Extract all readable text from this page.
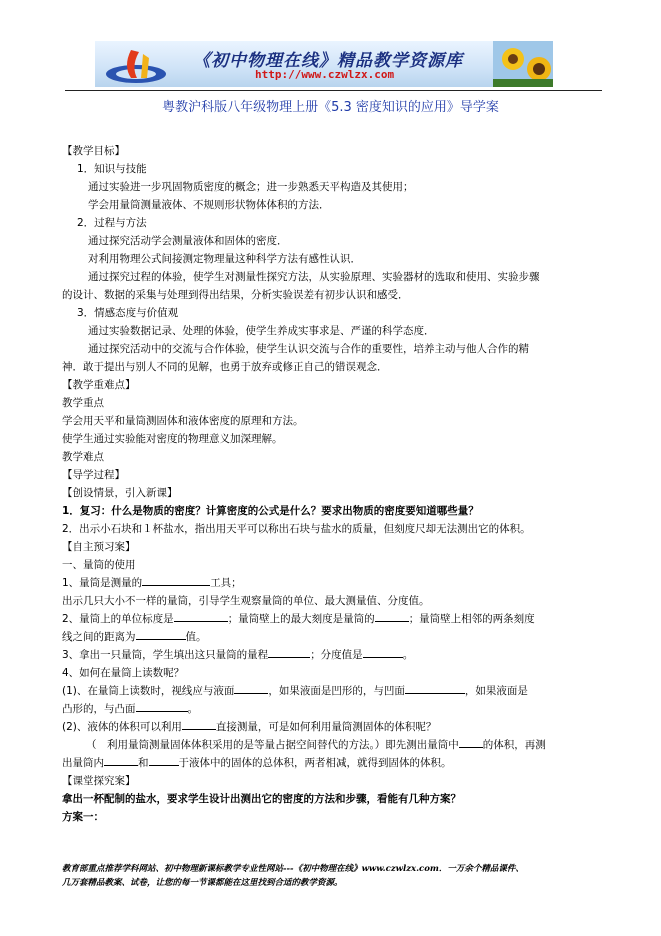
《初中物理在线》精品教学资源库
http://www.czwlzx.com
粤教沪科版八年级物理上册《5.3 密度知识的应用》导学案
【教学目标】
1．知识与技能
通过实验进一步巩固物质密度的概念；进一步熟悉天平构造及其使用；
学会用量筒测量液体、不规则形状物体体积的方法．
2．过程与方法
通过探究活动学会测量液体和固体的密度．
对利用物理公式间接测定物理量这种科学方法有感性认识．
通过探究过程的体验，使学生对测量性探究方法，从实验原理、实验器材的选取和使用、实验步骤
的设计、数据的采集与处理到得出结果，分析实验误差有初步认识和感受．
3．情感态度与价值观
通过实验数据记录、处理的体验，使学生养成实事求是、严谨的科学态度．
通过探究活动中的交流与合作体验，使学生认识交流与合作的重要性，培养主动与他人合作的精
神．敢于提出与别人不同的见解，也勇于放弃或修正自己的错误观念．
【教学重难点】
教学重点
学会用天平和量筒测固体和液体密度的原理和方法。
使学生通过实验能对密度的物理意义加深理解。
教学难点
【导学过程】
【创设情景，引入新课】
1．复习：什么是物质的密度？计算密度的公式是什么？要求出物质的密度要知道哪些量？
2．出示小石块和１杯盐水，指出用天平可以称出石块与盐水的质量，但刻度尺却无法测出它的体积。
【自主预习案】
一、量筒的使用
1、量筒是测量的	工具；
出示几只大小不一样的量筒，引导学生观察量筒的单位、最大测量值、分度值。
2、量筒上的单位标度是	；量筒壁上的最大刻度是量筒的	；量筒壁上相邻的两条刻度
线之间的距离为	值。
3、拿出一只量筒，学生填出这只量筒的量程	；分度值是	。
4、如何在量筒上读数呢？
(1)、在量筒上读数时，视线应与液面	，如果液面是凹形的，与凹面	，如果液面是
凸形的，与凸面	。
(2)、液体的体积可以利用	直接测量，可是如何利用量筒测固体的体积呢？
（　利用量筒测量固体体积采用的是等量占据空间替代的方法。）即先测出量筒中 的体积，再测
出量筒内	和	于液体中的固体的总体积，两者相减，就得到固体的体积。
【课堂探究案】
拿出一杯配制的盐水，要求学生设计出测出它的密度的方法和步骤，看能有几种方案？
方案一：
教育部重点推荐学科网站、初中物理新课标教学专业性网站---《初中物理在线》www.czwlzx.com．一万余个精品课件、
几万套精品教案、试卷，让您的每一节课都能在这里找到合适的教学资源。
